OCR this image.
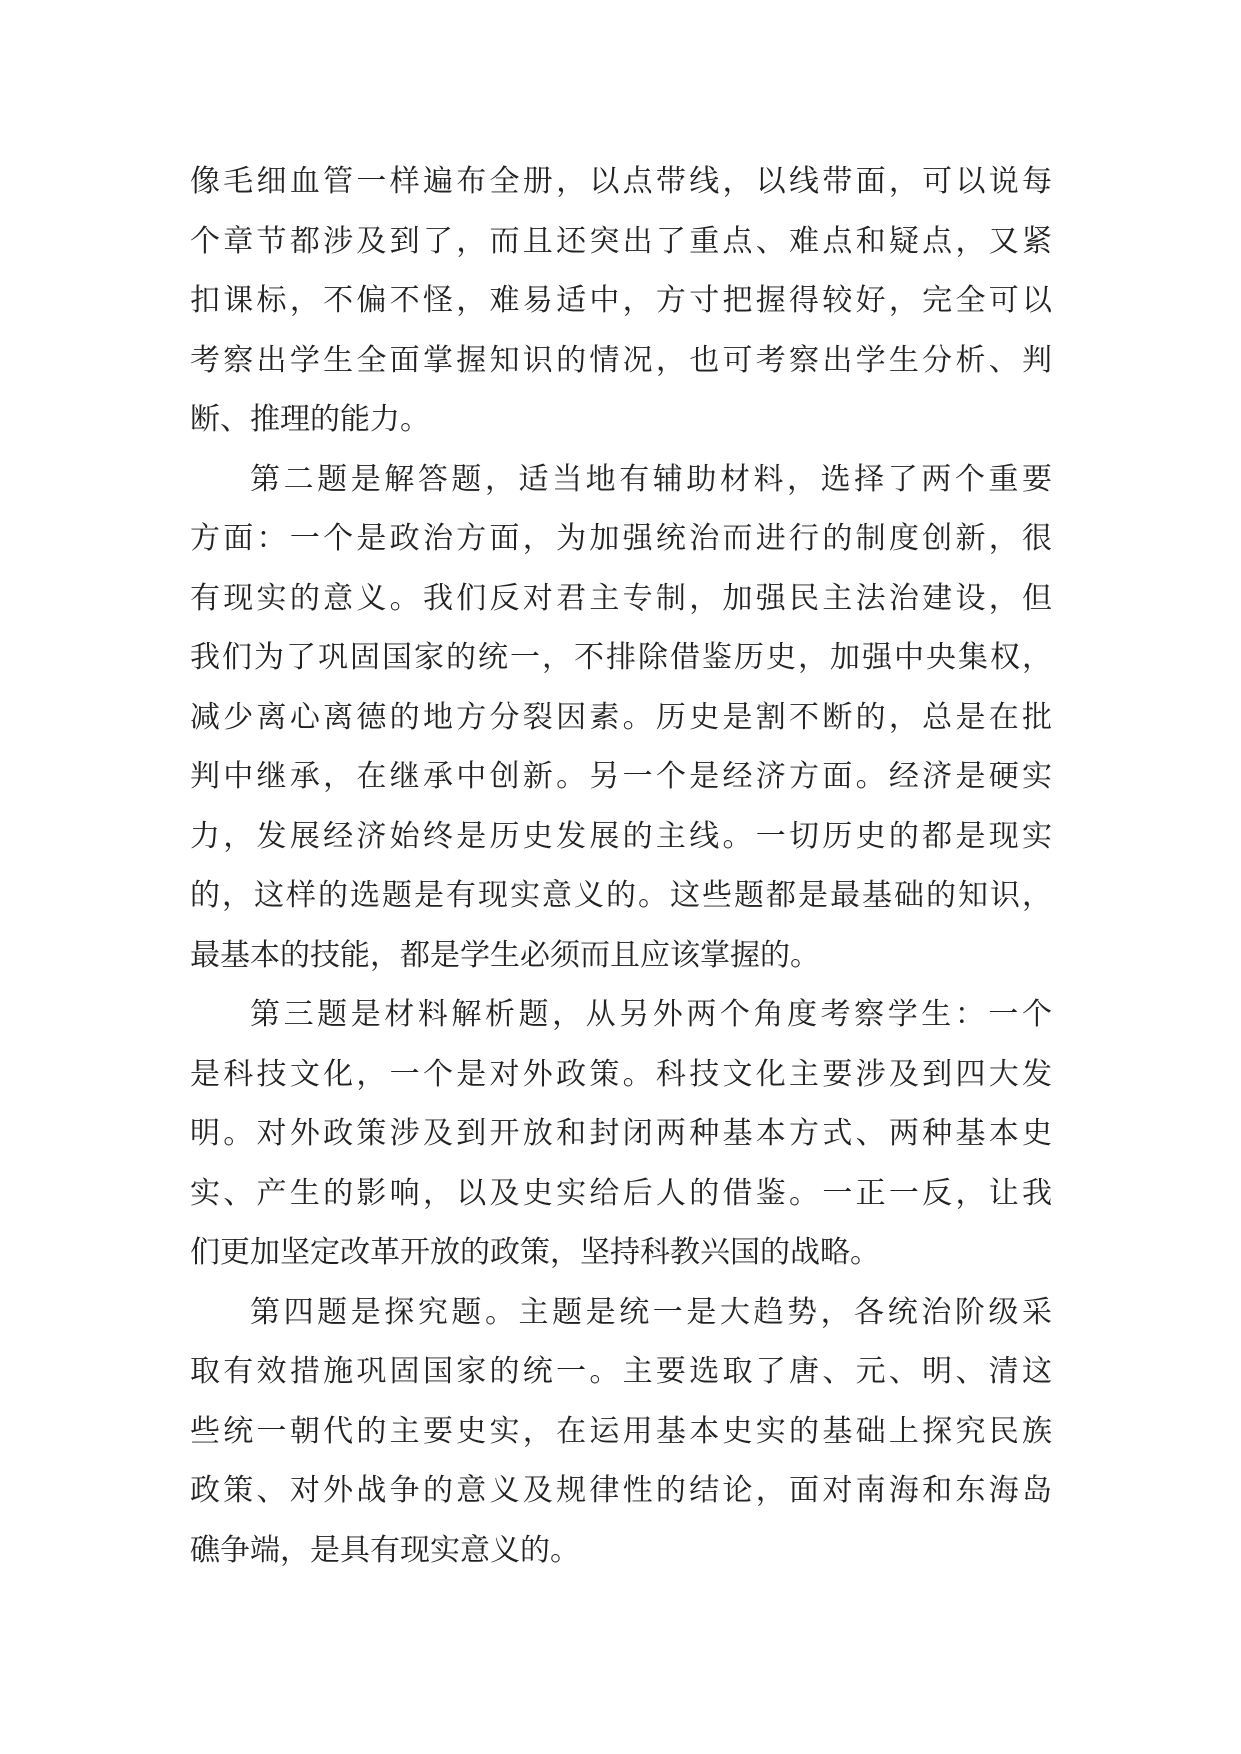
像毛细血管一样遍布全册，以点带线，以线带面，可以说每
个章节都涉及到了，而且还突出了重点、难点和疑点，又紧
扣课标，不偏不怪，难易适中，方寸把握得较好，完全可以
考察出学生全面掌握知识的情况，也可考察出学生分析、判
断、推理的能力。
第二题是解答题，适当地有辅助材料，选择了两个重要
方面：一个是政治方面，为加强统治而进行的制度创新，很
有现实的意义。我们反对君主专制，加强民主法治建设，但
我们为了巩固国家的统一，不排除借鉴历史，加强中央集权，
减少离心离德的地方分裂因素。历史是割不断的，总是在批
判中继承，在继承中创新。另一个是经济方面。经济是硬实
力，发展经济始终是历史发展的主线。一切历史的都是现实
的，这样的选题是有现实意义的。这些题都是最基础的知识，
最基本的技能，都是学生必须而且应该掌握的。
第三题是材料解析题，从另外两个角度考察学生：一个
是科技文化，一个是对外政策。科技文化主要涉及到四大发
明。对外政策涉及到开放和封闭两种基本方式、两种基本史
实、产生的影响，以及史实给后人的借鉴。一正一反，让我
们更加坚定改革开放的政策，坚持科教兴国的战略。
第四题是探究题。主题是统一是大趋势，各统治阶级采
取有效措施巩固国家的统一。主要选取了唐、元、明、清这
些统一朝代的主要史实，在运用基本史实的基础上探究民族
政策、对外战争的意义及规律性的结论，面对南海和东海岛
礁争端，是具有现实意义的。
